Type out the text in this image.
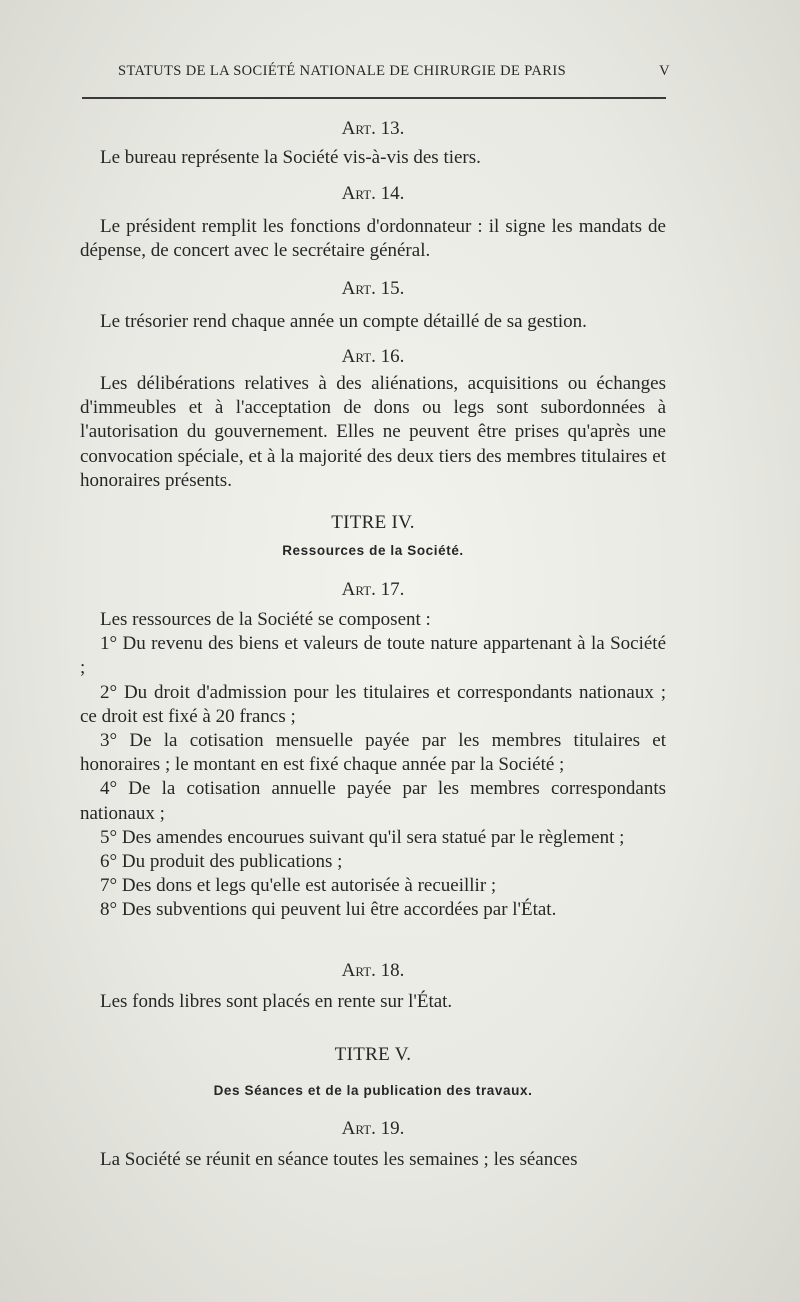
STATUTS DE LA SOCIÉTÉ NATIONALE DE CHIRURGIE DE PARIS	V
Art. 13.
Le bureau représente la Société vis-à-vis des tiers.
Art. 14.
Le président remplit les fonctions d'ordonnateur : il signe les mandats de dépense, de concert avec le secrétaire général.
Art. 15.
Le trésorier rend chaque année un compte détaillé de sa gestion.
Art. 16.
Les délibérations relatives à des aliénations, acquisitions ou échanges d'immeubles et à l'acceptation de dons ou legs sont subordonnées à l'autorisation du gouvernement. Elles ne peuvent être prises qu'après une convocation spéciale, et à la majorité des deux tiers des membres titulaires et honoraires présents.
TITRE IV.
Ressources de la Société.
Art. 17.
Les ressources de la Société se composent :
1° Du revenu des biens et valeurs de toute nature appartenant à la Société ;
2° Du droit d'admission pour les titulaires et correspondants nationaux ; ce droit est fixé à 20 francs ;
3° De la cotisation mensuelle payée par les membres titulaires et honoraires ; le montant en est fixé chaque année par la Société ;
4° De la cotisation annuelle payée par les membres correspondants nationaux ;
5° Des amendes encourues suivant qu'il sera statué par le règlement ;
6° Du produit des publications ;
7° Des dons et legs qu'elle est autorisée à recueillir ;
8° Des subventions qui peuvent lui être accordées par l'État.
Art. 18.
Les fonds libres sont placés en rente sur l'État.
TITRE V.
Des Séances et de la publication des travaux.
Art. 19.
La Société se réunit en séance toutes les semaines ; les séances
